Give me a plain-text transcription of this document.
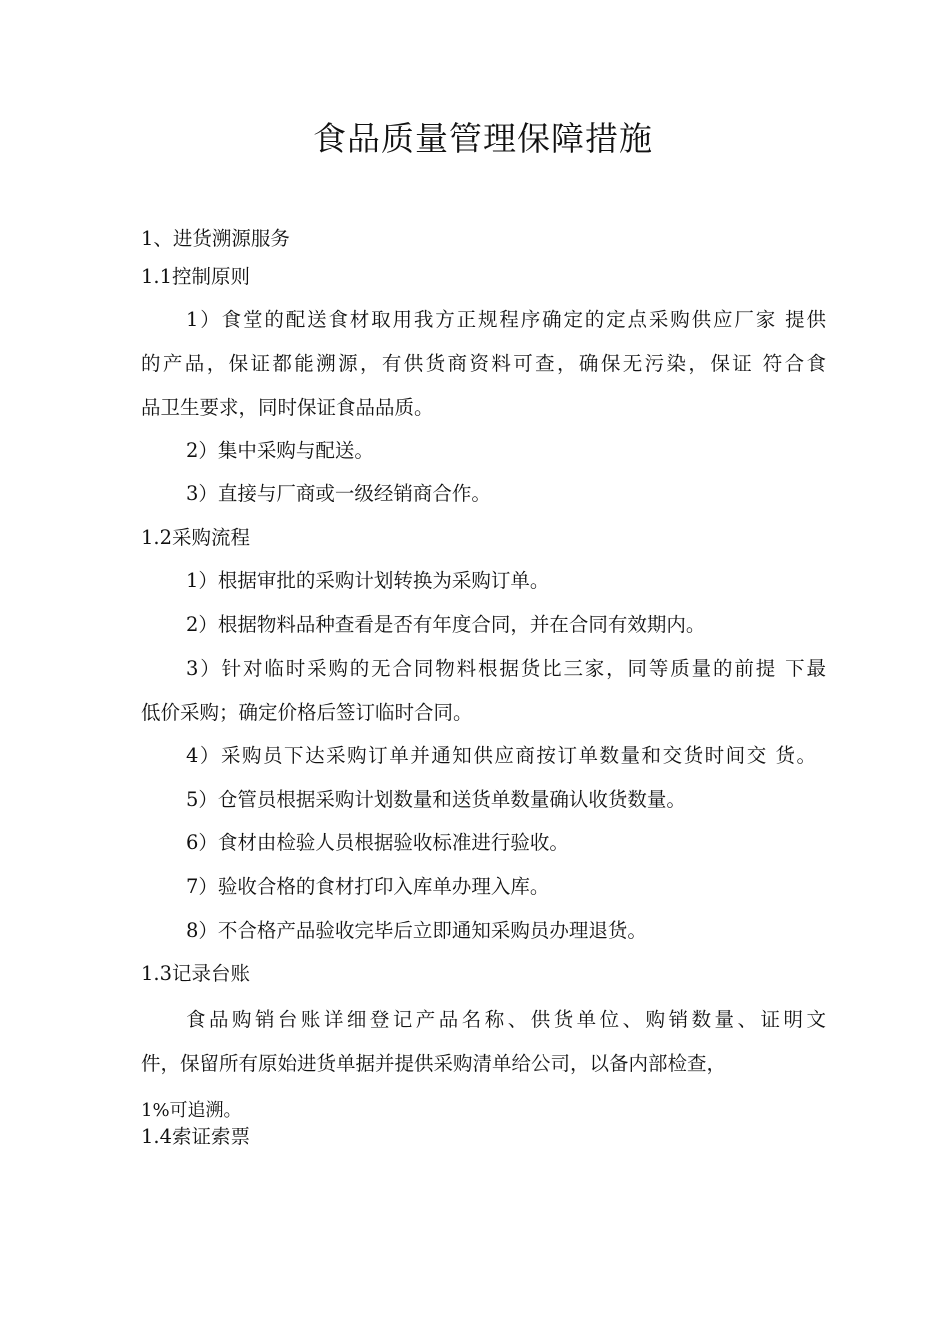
食品质量管理保障措施

1、进货溯源服务

1.1控制原则

1）食堂的配送食材取用我方正规程序确定的定点采购供应厂家 提供

的产品，保证都能溯源，有供货商资料可查，确保无污染，保证 符合食

品卫生要求，同时保证食品品质。

2）集中采购与配送。

3）直接与厂商或一级经销商合作。

1.2采购流程

1）根据审批的采购计划转换为采购订单。

2）根据物料品种查看是否有年度合同，并在合同有效期内。

3）针对临时采购的无合同物料根据货比三家，同等质量的前提 下最

低价采购；确定价格后签订临时合同。

4）采购员下达采购订单并通知供应商按订单数量和交货时间交 货。

5）仓管员根据采购计划数量和送货单数量确认收货数量。

6）食材由检验人员根据验收标准进行验收。

7）验收合格的食材打印入库单办理入库。

8）不合格产品验收完毕后立即通知采购员办理退货。

1.3记录台账

食品购销台账详细登记产品名称、供货单位、购销数量、证明文

件，保留所有原始进货单据并提供采购清单给公司，以备内部检查，

1%可追溯。

1.4索证索票
